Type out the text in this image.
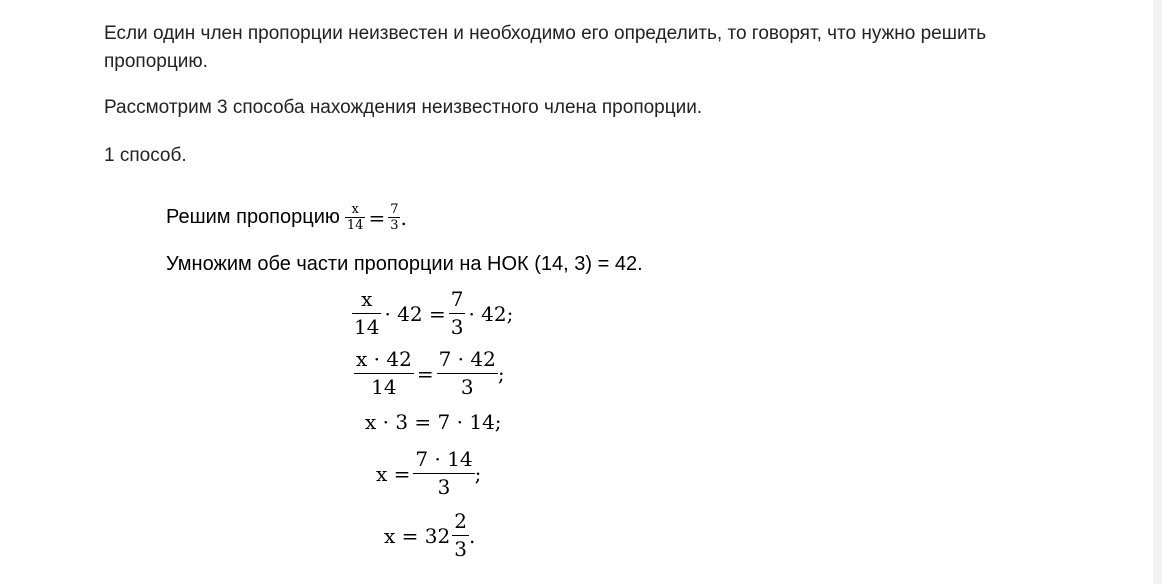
Если один член пропорции неизвестен и необходимо его определить, то говорят, что нужно решить
пропорцию.

Рассмотрим 3 способа нахождения неизвестного члена пропорции.

1 способ.

Решим пропорцию $\frac{x}{14} = \frac{7}{3}$ .
Умножим обе части пропорции на НОК (14, 3) = 42.
$\frac{x}{14} \cdot 42 = \frac{7}{3} \cdot 42$;
$\frac{x \cdot 42}{14} = \frac{7 \cdot 42}{3}$ ;
x · 3 = 7 · 14;
$x = \frac{7 \cdot 14}{3}$ ;
$x = 32 \frac{2}{3}$ .
